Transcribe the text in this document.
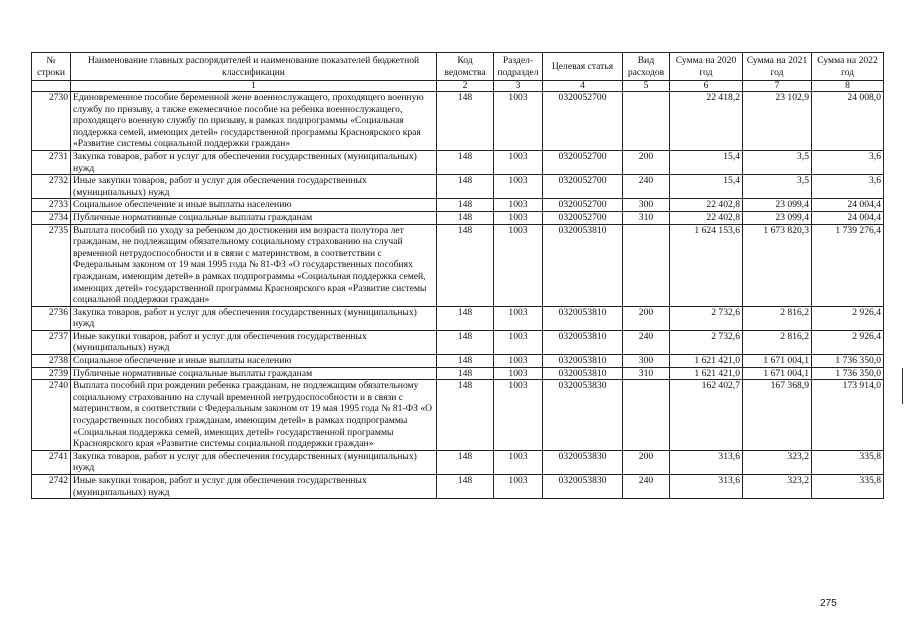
№ строки	Наименование главных распорядителей и наименование показателей бюджетной классификации	Код ведомства	Раздел-подраздел	Целевая статья	Вид расходов	Сумма на 2020 год	Сумма на 2021 год	Сумма на 2022 год
	1	2	3	4	5	6	7	8
2730	Единовременное пособие беременной жене военнослужащего, проходящего военную службу по призыву, а также ежемесячное пособие на ребенка военнослужащего, проходящего военную службу по призыву, в рамках подпрограммы «Социальная поддержка семей, имеющих детей» государственной программы Красноярского края «Развитие системы социальной поддержки граждан»	148	1003	0320052700		22 418,2	23 102,9	24 008,0
2731	Закупка товаров, работ и услуг для обеспечения государственных (муниципальных) нужд	148	1003	0320052700	200	15,4	3,5	3,6
2732	Иные закупки товаров, работ и услуг для обеспечения государственных (муниципальных) нужд	148	1003	0320052700	240	15,4	3,5	3,6
2733	Социальное обеспечение и иные выплаты населению	148	1003	0320052700	300	22 402,8	23 099,4	24 004,4
2734	Публичные нормативные социальные выплаты гражданам	148	1003	0320052700	310	22 402,8	23 099,4	24 004,4
2735	Выплата пособий по уходу за ребенком до достижения им возраста полутора лет гражданам, не подлежащим обязательному социальному страхованию на случай временной нетрудоспособности и в связи с материнством, в соответствии с Федеральным законом от 19 мая 1995 года № 81-ФЗ «О государственных пособиях гражданам, имеющим детей» в рамках подпрограммы «Социальная поддержка семей, имеющих детей» государственной программы Красноярского края «Развитие системы социальной поддержки граждан»	148	1003	0320053810		1 624 153,6	1 673 820,3	1 739 276,4
2736	Закупка товаров, работ и услуг для обеспечения государственных (муниципальных) нужд	148	1003	0320053810	200	2 732,6	2 816,2	2 926,4
2737	Иные закупки товаров, работ и услуг для обеспечения государственных (муниципальных) нужд	148	1003	0320053810	240	2 732,6	2 816,2	2 926,4
2738	Социальное обеспечение и иные выплаты населению	148	1003	0320053810	300	1 621 421,0	1 671 004,1	1 736 350,0
2739	Публичные нормативные социальные выплаты гражданам	148	1003	0320053810	310	1 621 421,0	1 671 004,1	1 736 350,0
2740	Выплата пособий при рождении ребенка гражданам, не подлежащим обязательному социальному страхованию на случай временной нетрудоспособности и в связи с материнством, в соответствии с Федеральным законом от 19 мая 1995 года № 81-ФЗ «О государственных пособиях гражданам, имеющим детей» в рамках подпрограммы «Социальная поддержка семей, имеющих детей» государственной программы Красноярского края «Развитие системы социальной поддержки граждан»	148	1003	0320053830		162 402,7	167 368,9	173 914,0
2741	Закупка товаров, работ и услуг для обеспечения государственных (муниципальных) нужд	148	1003	0320053830	200	313,6	323,2	335,8
2742	Иные закупки товаров, работ и услуг для обеспечения государственных (муниципальных) нужд	148	1003	0320053830	240	313,6	323,2	335,8
275
